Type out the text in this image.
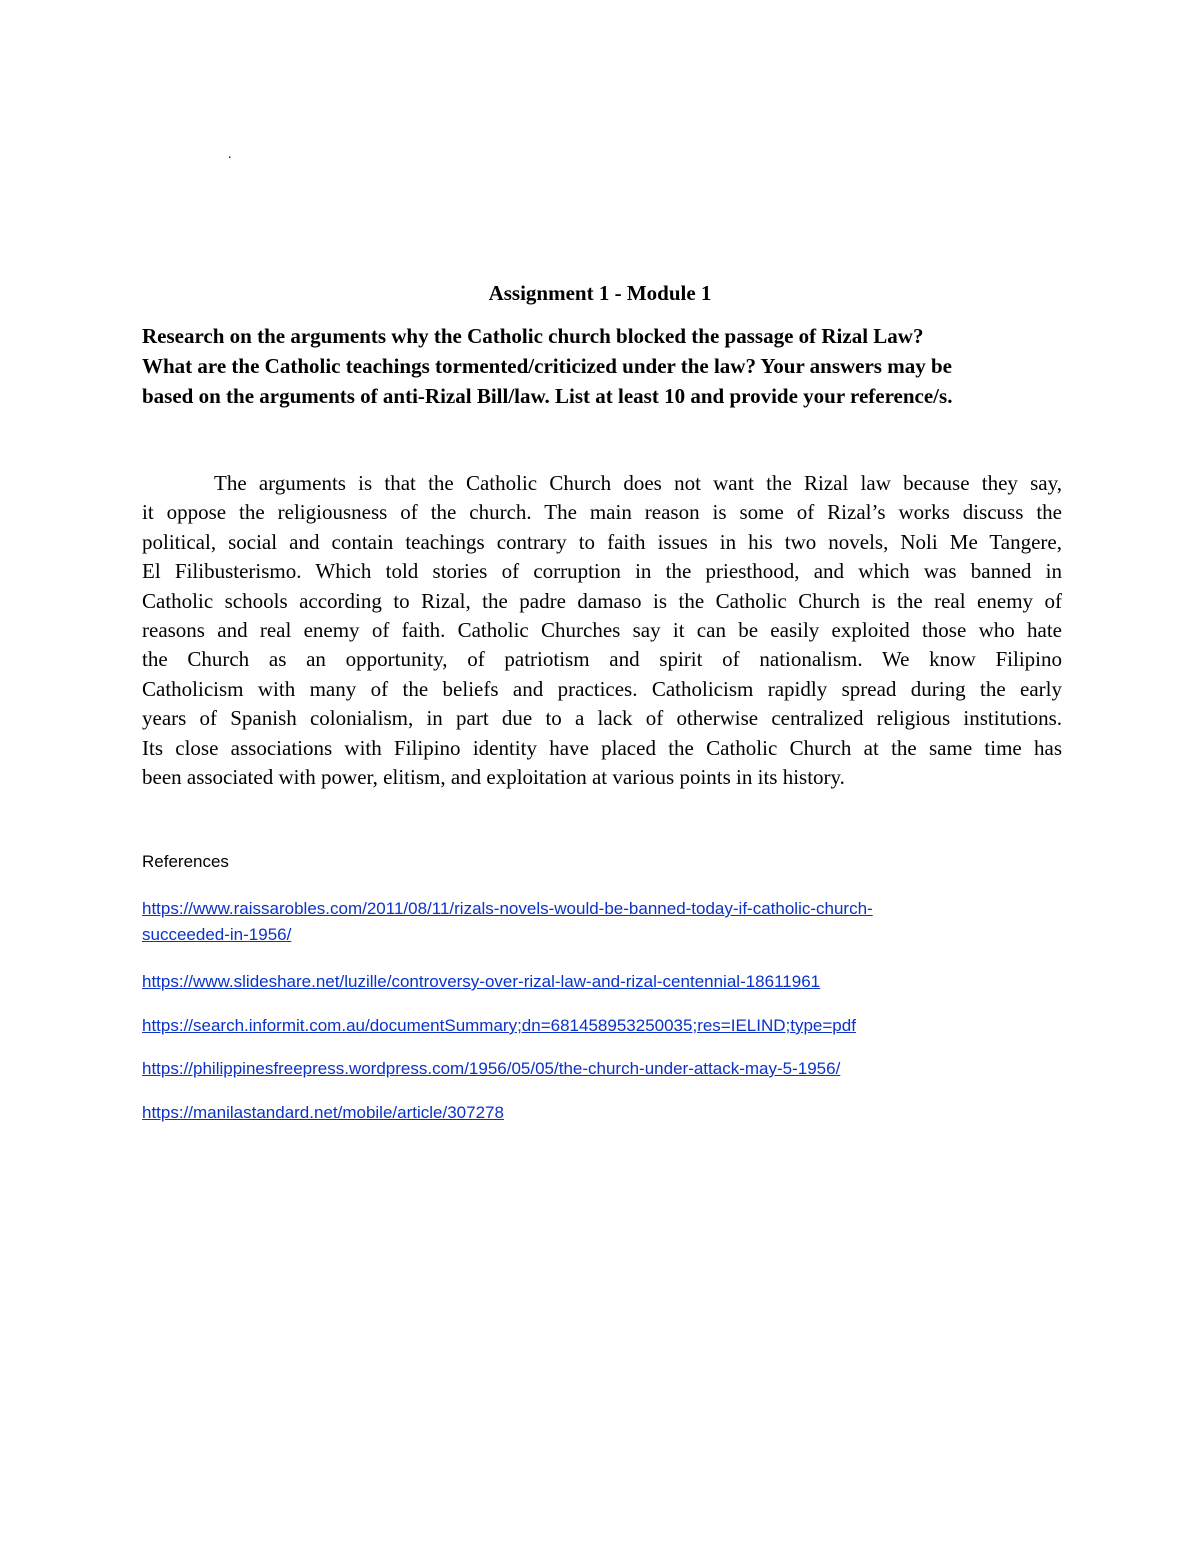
.
Assignment 1 - Module 1
Research on the arguments why the Catholic church blocked the passage of Rizal Law?
What are the Catholic teachings tormented/criticized under the law? Your answers may be
based on the arguments of anti-Rizal Bill/law. List at least 10 and provide your reference/s.
The arguments is that the Catholic Church does not want the Rizal law because they say,
it oppose the religiousness of the church. The main reason is some of Rizal’s works discuss the
political, social and contain teachings contrary to faith issues in his two novels, Noli Me Tangere,
El Filibusterismo. Which told stories of corruption in the priesthood, and which was banned in
Catholic schools according to Rizal, the padre damaso is the Catholic Church is the real enemy of
reasons and real enemy of faith. Catholic Churches say it can be easily exploited those who hate
the Church as an opportunity, of patriotism and spirit of nationalism. We know Filipino
Catholicism with many of the beliefs and practices. Catholicism rapidly spread during the early
years of Spanish colonialism, in part due to a lack of otherwise centralized religious institutions.
Its close associations with Filipino identity have placed the Catholic Church at the same time has
been associated with power, elitism, and exploitation at various points in its history.
References
https://www.raissarobles.com/2011/08/11/rizals-novels-would-be-banned-today-if-catholic-church-
succeeded-in-1956/
https://www.slideshare.net/luzille/controversy-over-rizal-law-and-rizal-centennial-18611961
https://search.informit.com.au/documentSummary;dn=681458953250035;res=IELIND;type=pdf
https://philippinesfreepress.wordpress.com/1956/05/05/the-church-under-attack-may-5-1956/
https://manilastandard.net/mobile/article/307278
